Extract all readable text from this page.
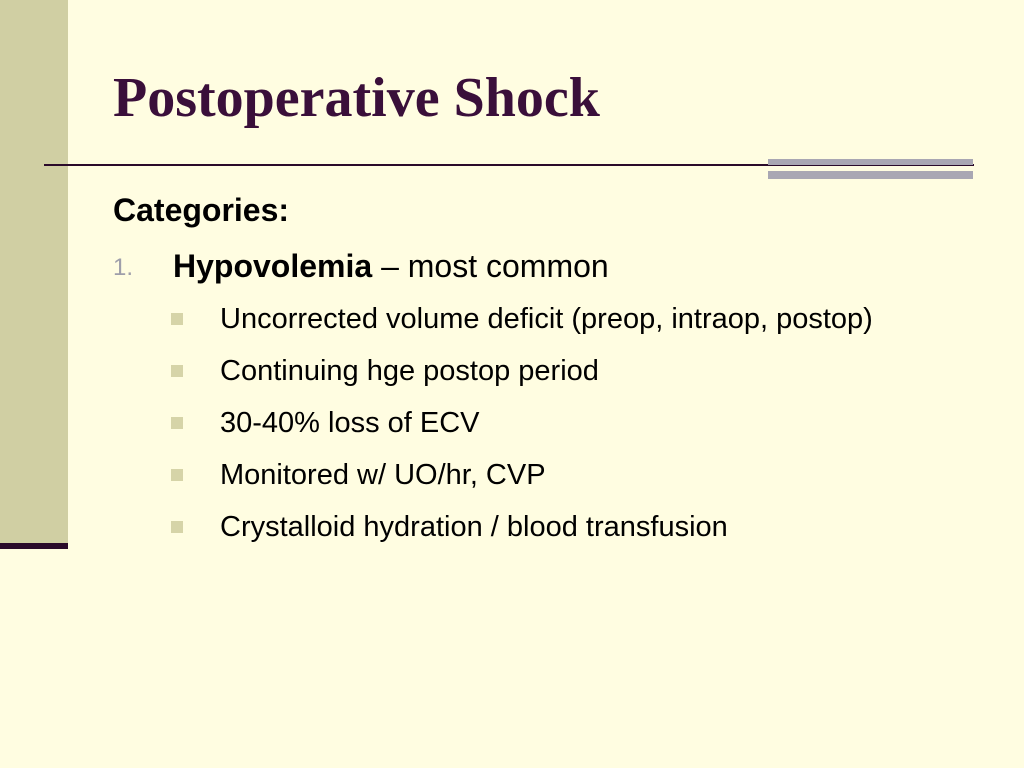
Postoperative Shock

Categories:

1. Hypovolemia – most common
Uncorrected volume deficit (preop, intraop, postop)
Continuing hge postop period
30-40% loss of ECV
Monitored w/ UO/hr, CVP
Crystalloid hydration / blood transfusion
